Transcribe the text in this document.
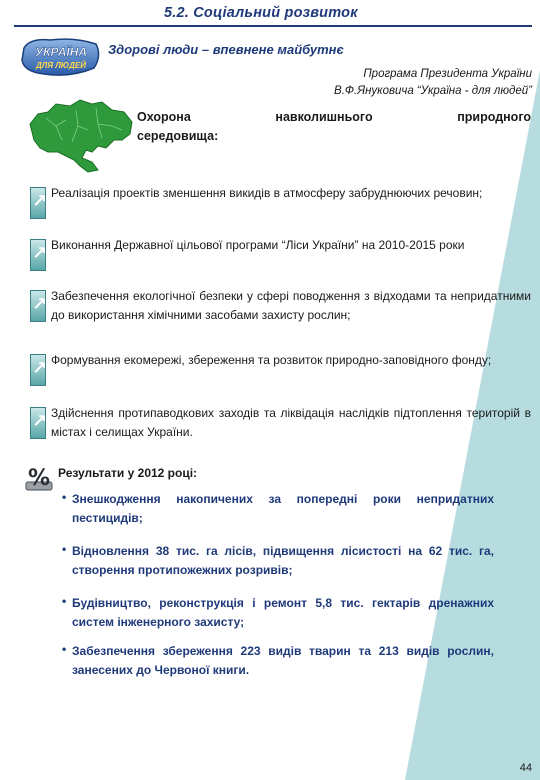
5.2. Соціальний розвиток
УКРАЇНА
ДЛЯ ЛЮДЕЙ
Здорові люди – впевнене майбутнє
Програма Президента України
В.Ф.Януковича “Україна - для людей”
Охорона навколишнього природного
середовища:
↗ Реалізація проектів зменшення викидів в атмосферу забруднюючих речовин;
↗ Виконання Державної цільової програми “Ліси України” на 2010-2015 роки
↗ Забезпечення екологічної безпеки у сфері поводження з відходами та непридатними до використання хімічними засобами захисту рослин;
↗ Формування екомережі, збереження та розвиток природно-заповідного фонду;
↗ Здійснення протипаводкових заходів та ліквідація наслідків підтоплення територій в містах і селищах України.
% Результати у 2012 році:
• Знешкодження накопичених за попередні роки непридатних пестицидів;
• Відновлення 38 тис. га лісів, підвищення лісистості на 62 тис. га, створення протипожежних розривів;
• Будівництво, реконструкція і ремонт 5,8 тис. гектарів дренажних систем інженерного захисту;
• Забезпечення збереження 223 видів тварин та 213 видів рослин, занесених до Червоної книги.
44
